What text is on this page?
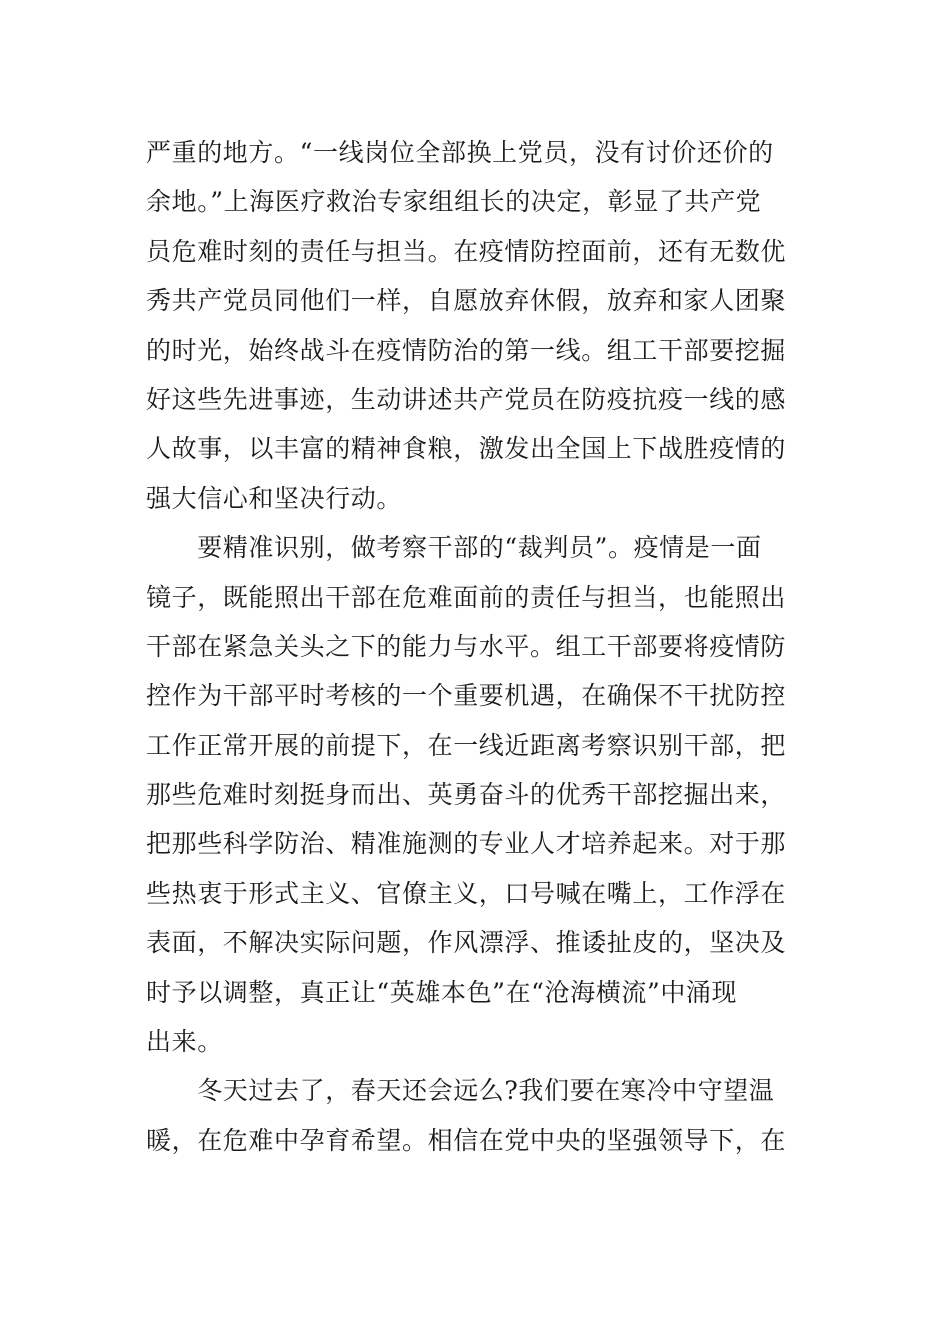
严重的地方。“一线岗位全部换上党员，没有讨价还价的
余地。”上海医疗救治专家组组长的决定，彰显了共产党
员危难时刻的责任与担当。在疫情防控面前，还有无数优
秀共产党员同他们一样，自愿放弃休假，放弃和家人团聚
的时光，始终战斗在疫情防治的第一线。组工干部要挖掘
好这些先进事迹，生动讲述共产党员在防疫抗疫一线的感
人故事，以丰富的精神食粮，激发出全国上下战胜疫情的
强大信心和坚决行动。
　　要精准识别，做考察干部的“裁判员”。疫情是一面
镜子，既能照出干部在危难面前的责任与担当，也能照出
干部在紧急关头之下的能力与水平。组工干部要将疫情防
控作为干部平时考核的一个重要机遇，在确保不干扰防控
工作正常开展的前提下，在一线近距离考察识别干部，把
那些危难时刻挺身而出、英勇奋斗的优秀干部挖掘出来，
把那些科学防治、精准施测的专业人才培养起来。对于那
些热衷于形式主义、官僚主义，口号喊在嘴上，工作浮在
表面，不解决实际问题，作风漂浮、推诿扯皮的，坚决及
时予以调整，真正让“英雄本色”在“沧海横流”中涌现
出来。
　　冬天过去了，春天还会远么?我们要在寒冷中守望温
暖，在危难中孕育希望。相信在党中央的坚强领导下，在
